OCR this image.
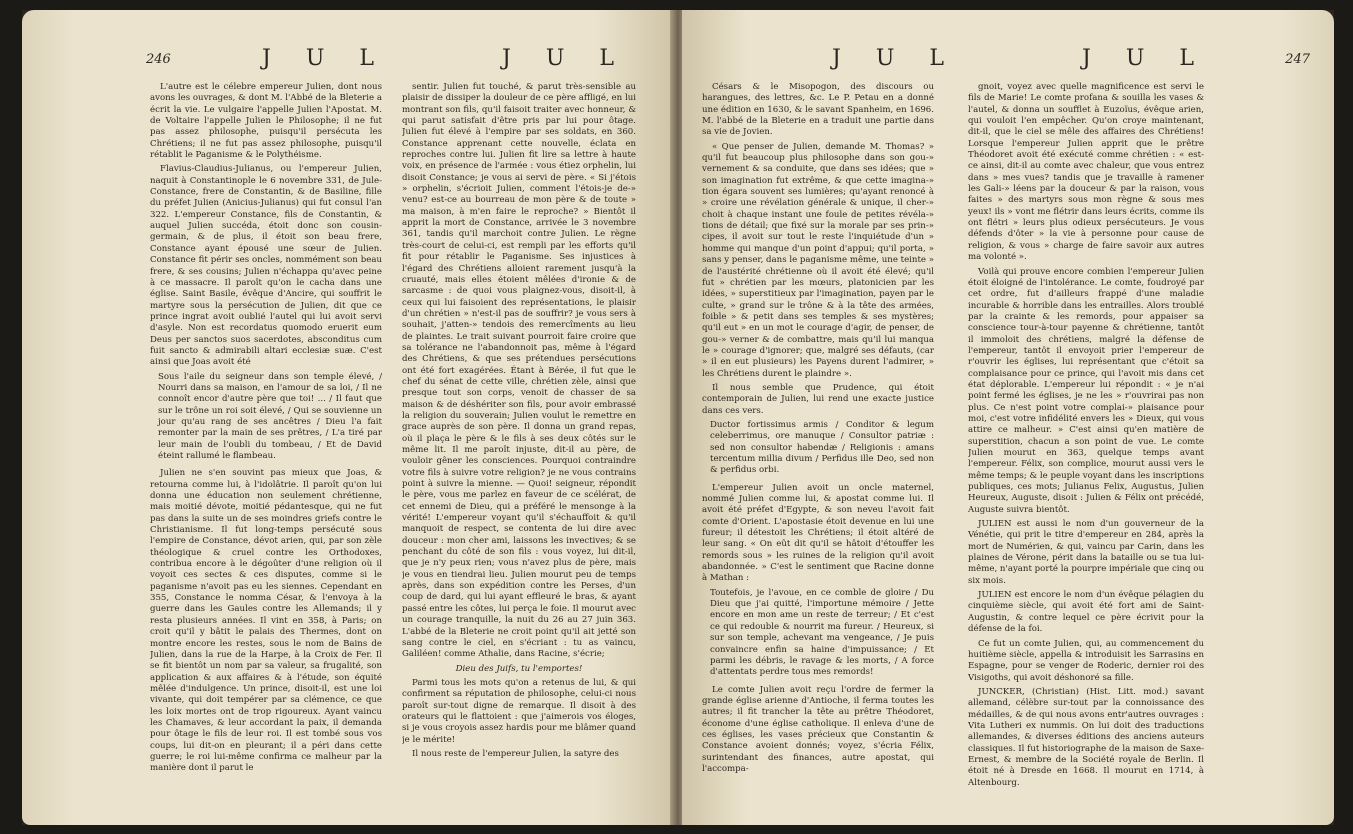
246	J U L	J U L

L'autre est le célebre empereur Julien, dont nous avons les ouvrages, & dont M. l'Abbé de la Bleterie a écrit la vie. Le vulgaire l'appelle Julien l'Apostat. M. de Voltaire l'appelle Julien le Philosophe; il ne fut pas assez philosophe, puisqu'il persécuta les Chrétiens; il ne fut pas assez philosophe, puisqu'il rétablit le Paganisme & le Polythéisme.

Flavius-Claudius-Julianus, ou l'empereur Julien, naquit à Constantinople le 6 novembre 331, de Jule-Constance, frere de Constantin, & de Basiline, fille du préfet Julien (Anicius-Julianus) qui fut consul l'an 322. L'empereur Constance, fils de Constantin, & auquel Julien succéda, étoit donc son cousin-germain, & de plus, il étoit son beau frere, Constance ayant épousé une sœur de Julien. Constance fit périr ses oncles, nommément son beau frere, & ses cousins; Julien n'échappa qu'avec peine à ce massacre. Il paroît qu'on le cacha dans une église. Saint Basile, évêque d'Ancire, qui souffrit le martyre sous la persécution de Julien, dit que ce prince ingrat avoit oublié l'autel qui lui avoit servi d'asyle. Non est recordatus quomodo eruerit eum Deus per sanctos suos sacerdotes, absconditus cum fuit sancto & admirabili altari ecclesiæ suæ. C'est ainsi que Joas avoit été

Sous l'aile du seigneur dans son temple élevé, / Nourri dans sa maison, en l'amour de sa loi, / Il ne connoît encor d'autre père que toi! ... / Il faut que sur le trône un roi soit élevé, / Qui se souvienne un jour qu'au rang de ses ancêtres / Dieu l'a fait remonter par la main de ses prêtres, / L'a tiré par leur main de l'oubli du tombeau, / Et de David éteint rallumé le flambeau.

Julien ne s'en souvint pas mieux que Joas, & retourna comme lui, à l'idolâtrie. Il paroît qu'on lui donna une éducation non seulement chrétienne, mais moitié dévote, moitié pédantesque, qui ne fut pas dans la suite un de ses moindres griefs contre le Christianisme. Il fut long-temps persécuté sous l'empire de Constance, dévot arien, qui, par son zèle théologique & cruel contre les Orthodoxes, contribua encore à le dégoûter d'une religion où il voyoit ces sectes & ces disputes, comme si le paganisme n'avoit pas eu les siennes. Cependant en 355, Constance le nomma César, & l'envoya à la guerre dans les Gaules contre les Allemands; il y resta plusieurs années. Il vint en 358, à Paris; on croit qu'il y bâtit le palais des Thermes, dont on montre encore les restes, sous le nom de Bains de Julien, dans la rue de la Harpe, à la Croix de Fer. Il se fit bientôt un nom par sa valeur, sa frugalité, son application & aux affaires & à l'étude, son équité mêlée d'indulgence. Un prince, disoit-il, est une loi vivante, qui doit tempérer par sa clémence, ce que les loix mortes ont de trop rigoureux. Ayant vaincu les Chamaves, & leur accordant la paix, il demanda pour ôtage le fils de leur roi. Il est tombé sous vos coups, lui dit-on en pleurant; il a péri dans cette guerre; le roi lui-même confirma ce malheur par la manière dont il parut le

sentir. Julien fut touché, & parut très-sensible au plaisir de dissiper la douleur de ce père affligé, en lui montrant son fils, qu'il faisoit traiter avec honneur, & qui parut satisfait d'être pris par lui pour ôtage. Julien fut élevé à l'empire par ses soldats, en 360. Constance apprenant cette nouvelle, éclata en reproches contre lui. Julien fit lire sa lettre à haute voix, en présence de l'armée : vous étiez orphelin, lui disoit Constance; je vous ai servi de père. « Si j'étois » orphelin, s'écrioit Julien, comment l'étois-je de-» venu? est-ce au bourreau de mon père & de toute » ma maison, à m'en faire le reproche? » Bientôt il apprit la mort de Constance, arrivée le 3 novembre 361, tandis qu'il marchoit contre Julien. Le règne très-court de celui-ci, est rempli par les efforts qu'il fit pour rétablir le Paganisme. Ses injustices à l'égard des Chrétiens alloient rarement jusqu'à la cruauté, mais elles étoient mêlées d'ironie & de sarcasme : de quoi vous plaignez-vous, disoit-il, à ceux qui lui faisoient des représentations, le plaisir d'un chrétien » n'est-il pas de souffrir? je vous sers à souhait, j'atten-» tendois des remercîments au lieu de plaintes. Le trait suivant pourroit faire croire que sa tolérance ne l'abandonnoit pas, même à l'égard des Chrétiens, & que ses prétendues persécutions ont été fort exagérées. Étant à Bérée, il fut que le chef du sénat de cette ville, chrétien zèle, ainsi que presque tout son corps, venoit de chasser de sa maison & de déshériter son fils, pour avoir embrassé la religion du souverain; Julien voulut le remettre en grace auprès de son père. Il donna un grand repas, où il plaça le père & le fils à ses deux côtés sur le même lit. Il me paroît injuste, dit-il au père, de vouloir gêner les consciences. Pourquoi contraindre votre fils à suivre votre religion? je ne vous contrains point à suivre la mienne. — Quoi! seigneur, répondit le père, vous me parlez en faveur de ce scélérat, de cet ennemi de Dieu, qui a préféré le mensonge à la vérité! L'empereur voyant qu'il s'échauffoit & qu'il manquoit de respect, se contenta de lui dire avec douceur : mon cher ami, laissons les invectives; & se penchant du côté de son fils : vous voyez, lui dit-il, que je n'y peux rien; vous n'avez plus de père, mais je vous en tiendrai lieu. Julien mourut peu de temps après, dans son expédition contre les Perses, d'un coup de dard, qui lui ayant effleuré le bras, & ayant passé entre les côtes, lui perça le foie. Il mourut avec un courage tranquille, la nuit du 26 au 27 juin 363. L'abbé de la Bleterie ne croit point qu'il ait jetté son sang contre le ciel, en s'écriant : tu as vaincu, Galiléen! comme Athalie, dans Racine, s'écrie;

Dieu des Juifs, tu l'emportes!

Parmi tous les mots qu'on a retenus de lui, & qui confirment sa réputation de philosophe, celui-ci nous paroît sur-tout digne de remarque. Il disoit à des orateurs qui le flattoient : que j'aimerois vos éloges, si je vous croyois assez hardis pour me blâmer quand je le mérite!

Il nous reste de l'empereur Julien, la satyre des

247
J U L	J U L

Césars & le Misopogon, des discours ou harangues, des lettres, &c. Le P. Petau en a donné une édition en 1630, & le savant Spanheim, en 1696. M. l'abbé de la Bleterie en a traduit une partie dans sa vie de Jovien.

« Que penser de Julien, demande M. Thomas? » qu'il fut beaucoup plus philosophe dans son gou-» vernement & sa conduite, que dans ses idées; que » son imagination fut extrême, & que cette imagina-» tion égara souvent ses lumières; qu'ayant renoncé à » croire une révélation générale & unique, il cher-» choit à chaque instant une foule de petites révéla-» tions de détail; que fixé sur la morale par ses prin-» cipes, il avoit sur tout le reste l'inquiétude d'un » homme qui manque d'un point d'appui; qu'il porta, » sans y penser, dans le paganisme même, une teinte » de l'austérité chrétienne où il avoit été élevé; qu'il fut » chrétien par les mœurs, platonicien par les idées, » superstitieux par l'imagination, payen par le culte, » grand sur le trône & à la tête des armées, foible » & petit dans ses temples & ses mystères; qu'il eut » en un mot le courage d'agir, de penser, de gou-» verner & de combattre, mais qu'il lui manqua le » courage d'ignorer; que, malgré ses défauts, (car » il en eut plusieurs) les Payens durent l'admirer, » les Chrétiens durent le plaindre ».

Il nous semble que Prudence, qui étoit contemporain de Julien, lui rend une exacte justice dans ces vers.

Ductor fortissimus armis / Conditor & legum celeberrimus, ore manuque / Consultor patriæ : sed non consultor habendæ / Religionis : amans tercentum millia divum / Perfidus ille Deo, sed non & perfidus orbi.

L'empereur Julien avoit un oncle maternel, nommé Julien comme lui, & apostat comme lui. Il avoit été préfet d'Egypte, & son neveu l'avoit fait comte d'Orient. L'apostasie étoit devenue en lui une fureur; il détestoit les Chrétiens; il étoit altéré de leur sang. « On eût dit qu'il se hâtoit d'étouffer les remords sous » les ruines de la religion qu'il avoit abandonnée. » C'est le sentiment que Racine donne à Mathan :

Toutefois, je l'avoue, en ce comble de gloire / Du Dieu que j'ai quitté, l'importune mémoire / Jette encore en mon ame un reste de terreur; / Et c'est ce qui redouble & nourrit ma fureur. / Heureux, si sur son temple, achevant ma vengeance, / Je puis convaincre enfin sa haine d'impuissance; / Et parmi les débris, le ravage & les morts, / A force d'attentats perdre tous mes remords!

Le comte Julien avoit reçu l'ordre de fermer la grande église arienne d'Antioche, il ferma toutes les autres; il fit trancher la tête au prêtre Théodoret, économe d'une église catholique. Il enleva d'une de ces églises, les vases précieux que Constantin & Constance avoient donnés; voyez, s'écria Félix, surintendant des finances, autre apostat, qui l'accompa-

gnoit, voyez avec quelle magnificence est servi le fils de Marie! Le comte profana & souilla les vases & l'autel, & donna un soufflet à Euzoïus, évêque arien, qui vouloit l'en empêcher. Qu'on croye maintenant, dit-il, que le ciel se mêle des affaires des Chrétiens! Lorsque l'empereur Julien apprit que le prêtre Théodoret avoit été exécuté comme chrétien : « est-ce ainsi, dit-il au comte avec chaleur, que vous entrez dans » mes vues? tandis que je travaille à ramener les Gali-» léens par la douceur & par la raison, vous faites » des martyrs sous mon règne & sous mes yeux! ils » vont me flétrir dans leurs écrits, comme ils ont flétri » leurs plus odieux persécuteurs. Je vous défends d'ôter » la vie à personne pour cause de religion, & vous » charge de faire savoir aux autres ma volonté ».

Voilà qui prouve encore combien l'empereur Julien étoit éloigné de l'intolérance. Le comte, foudroyé par cet ordre, fut d'ailleurs frappé d'une maladie incurable & horrible dans les entrailles. Alors troublé par la crainte & les remords, pour appaiser sa conscience tour-à-tour payenne & chrétienne, tantôt il immoloit des chrétiens, malgré la défense de l'empereur, tantôt il envoyoit prier l'empereur de r'ouvrir les églises, lui représentant que c'étoit sa complaisance pour ce prince, qui l'avoit mis dans cet état déplorable. L'empereur lui répondit : « je n'ai point fermé les églises, je ne les » r'ouvrirai pas non plus. Ce n'est point votre complai-» plaisance pour moi, c'est votre infidélité envers les » Dieux, qui vous attire ce malheur. » C'est ainsi qu'en matière de superstition, chacun a son point de vue. Le comte Julien mourut en 363, quelque temps avant l'empereur. Félix, son complice, mourut aussi vers le même temps; & le peuple voyant dans les inscriptions publiques, ces mots; Julianus Felix, Augustus, Julien Heureux, Auguste, disoit : Julien & Félix ont précédé, Auguste suivra bientôt.

JULIEN est aussi le nom d'un gouverneur de la Vénétie, qui prit le titre d'empereur en 284, après la mort de Numérien, & qui, vaincu par Carin, dans les plaines de Vérone, périt dans la bataille ou se tua lui-même, n'ayant porté la pourpre impériale que cinq ou six mois.

JULIEN est encore le nom d'un évêque pélagien du cinquième siècle, qui avoit été fort ami de Saint-Augustin, & contre lequel ce père écrivit pour la défense de la foi.

Ce fut un comte Julien, qui, au commencement du huitième siècle, appella & introduisit les Sarrasins en Espagne, pour se venger de Roderic, dernier roi des Visigoths, qui avoit déshonoré sa fille.

JUNCKER, (Christian) (Hist. Litt. mod.) savant allemand, célèbre sur-tout par la connoissance des médailles, & de qui nous avons entr'autres ouvrages : Vita Lutheri ex nummis. On lui doit des traductions allemandes, & diverses éditions des anciens auteurs classiques. Il fut historiographe de la maison de Saxe-Ernest, & membre de la Société royale de Berlin. Il étoit né à Dresde en 1668. Il mourut en 1714, à Altenbourg.
